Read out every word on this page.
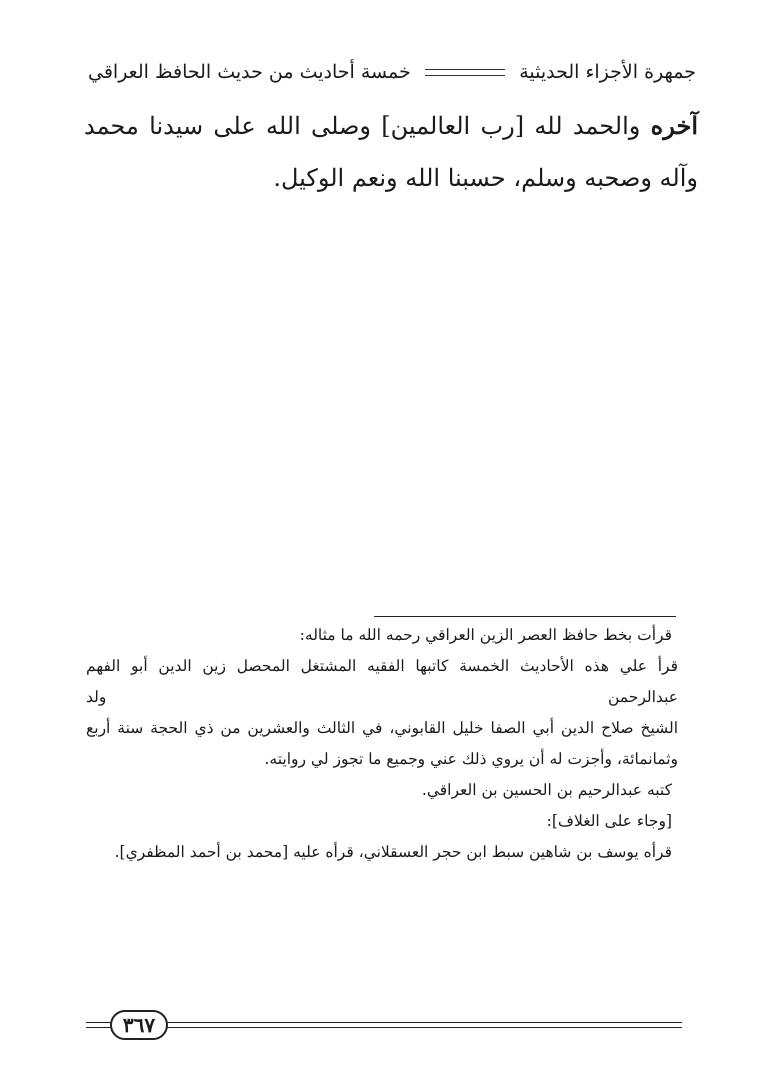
جمهرة الأجزاء الحديثية
خمسة أحاديث من حديث الحافظ العراقي
آخره والحمد لله [رب العالمين] وصلى الله على سيدنا محمد وآله وصحبه وسلم، حسبنا الله ونعم الوكيل.

قرأت بخط حافظ العصر الزين العراقي رحمه الله ما مثاله:

قرأ علي هذه الأحاديث الخمسة كاتبها الفقيه المشتغل المحصل زين الدين أبو الفهم عبدالرحمن ولد

الشيخ صلاح الدين أبي الصفا خليل القابوني، في الثالث والعشرين من ذي الحجة سنة أربع

وثمانمائة، وأجزت له أن يروي ذلك عني وجميع ما تجوز لي روايته.

كتبه عبدالرحيم بن الحسين بن العراقي.

[وجاء على الغلاف]:

قرأه يوسف بن شاهين سبط ابن حجر العسقلاني، قرأه عليه [محمد بن أحمد المظفري].

٣٦٧
